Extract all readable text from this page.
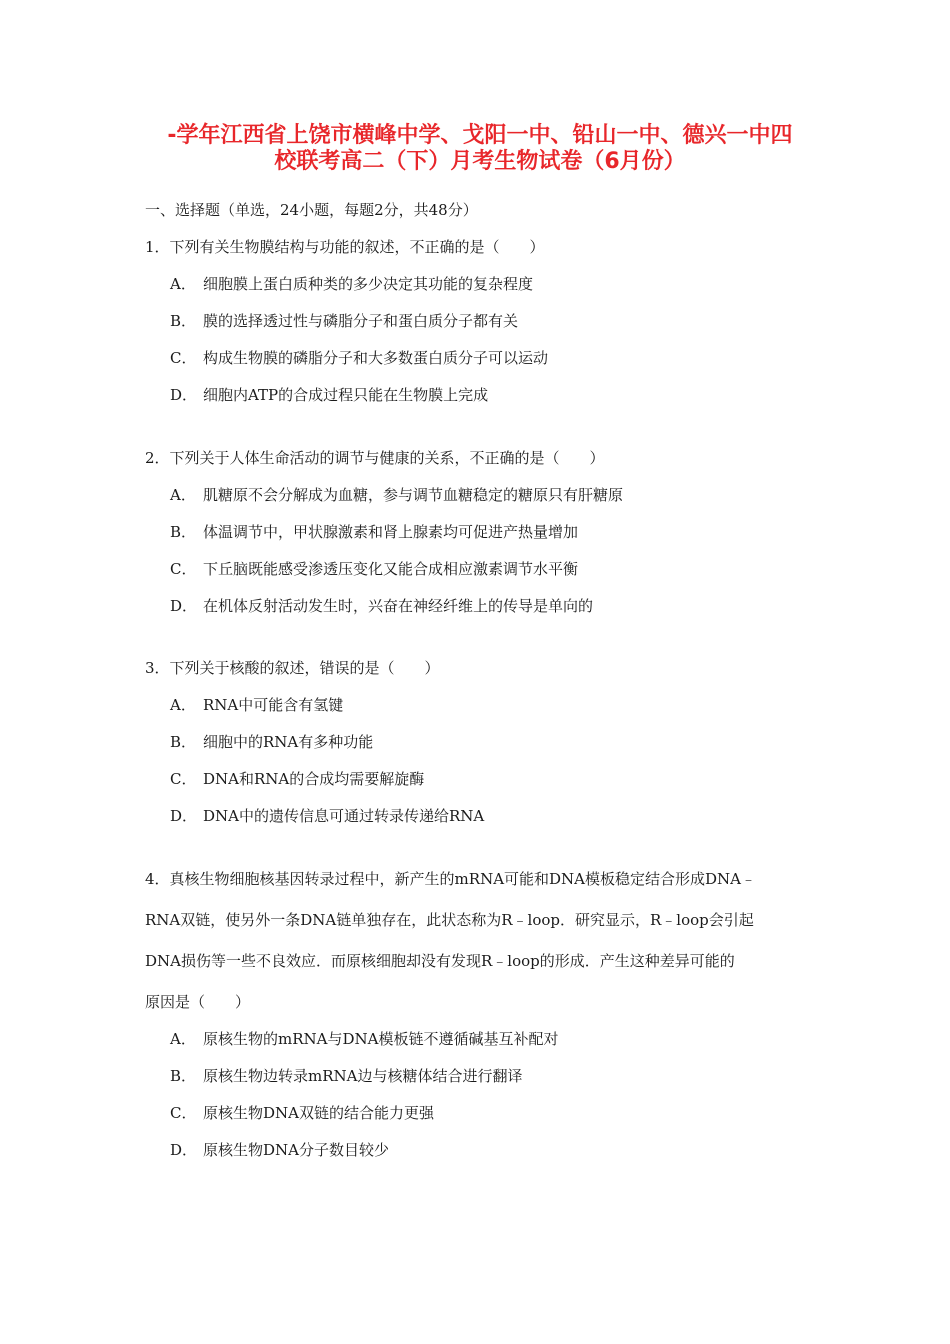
-学年江西省上饶市横峰中学、戈阳一中、铅山一中、德兴一中四

校联考高二（下）月考生物试卷（6月份）

一、选择题（单选，24小题，每题2分，共48分）

1．下列有关生物膜结构与功能的叙述，不正确的是（　　）

A． 细胞膜上蛋白质种类的多少决定其功能的复杂程度
B． 膜的选择透过性与磷脂分子和蛋白质分子都有关
C． 构成生物膜的磷脂分子和大多数蛋白质分子可以运动
D． 细胞内ATP的合成过程只能在生物膜上完成

2．下列关于人体生命活动的调节与健康的关系，不正确的是（　　）

A． 肌糖原不会分解成为血糖，参与调节血糖稳定的糖原只有肝糖原
B． 体温调节中，甲状腺激素和肾上腺素均可促进产热量增加
C． 下丘脑既能感受渗透压变化又能合成相应激素调节水平衡
D． 在机体反射活动发生时，兴奋在神经纤维上的传导是单向的

3．下列关于核酸的叙述，错误的是（　　）

A． RNA中可能含有氢键
B． 细胞中的RNA有多种功能
C． DNA和RNA的合成均需要解旋酶
D． DNA中的遗传信息可通过转录传递给RNA

4．真核生物细胞核基因转录过程中，新产生的mRNA可能和DNA模板稳定结合形成DNA﹣

RNA双链，使另外一条DNA链单独存在，此状态称为R﹣loop．研究显示，R﹣loop会引起

DNA损伤等一些不良效应．而原核细胞却没有发现R﹣loop的形成．产生这种差异可能的

原因是（　　）

A． 原核生物的mRNA与DNA模板链不遵循碱基互补配对
B． 原核生物边转录mRNA边与核糖体结合进行翻译
C． 原核生物DNA双链的结合能力更强
D． 原核生物DNA分子数目较少
